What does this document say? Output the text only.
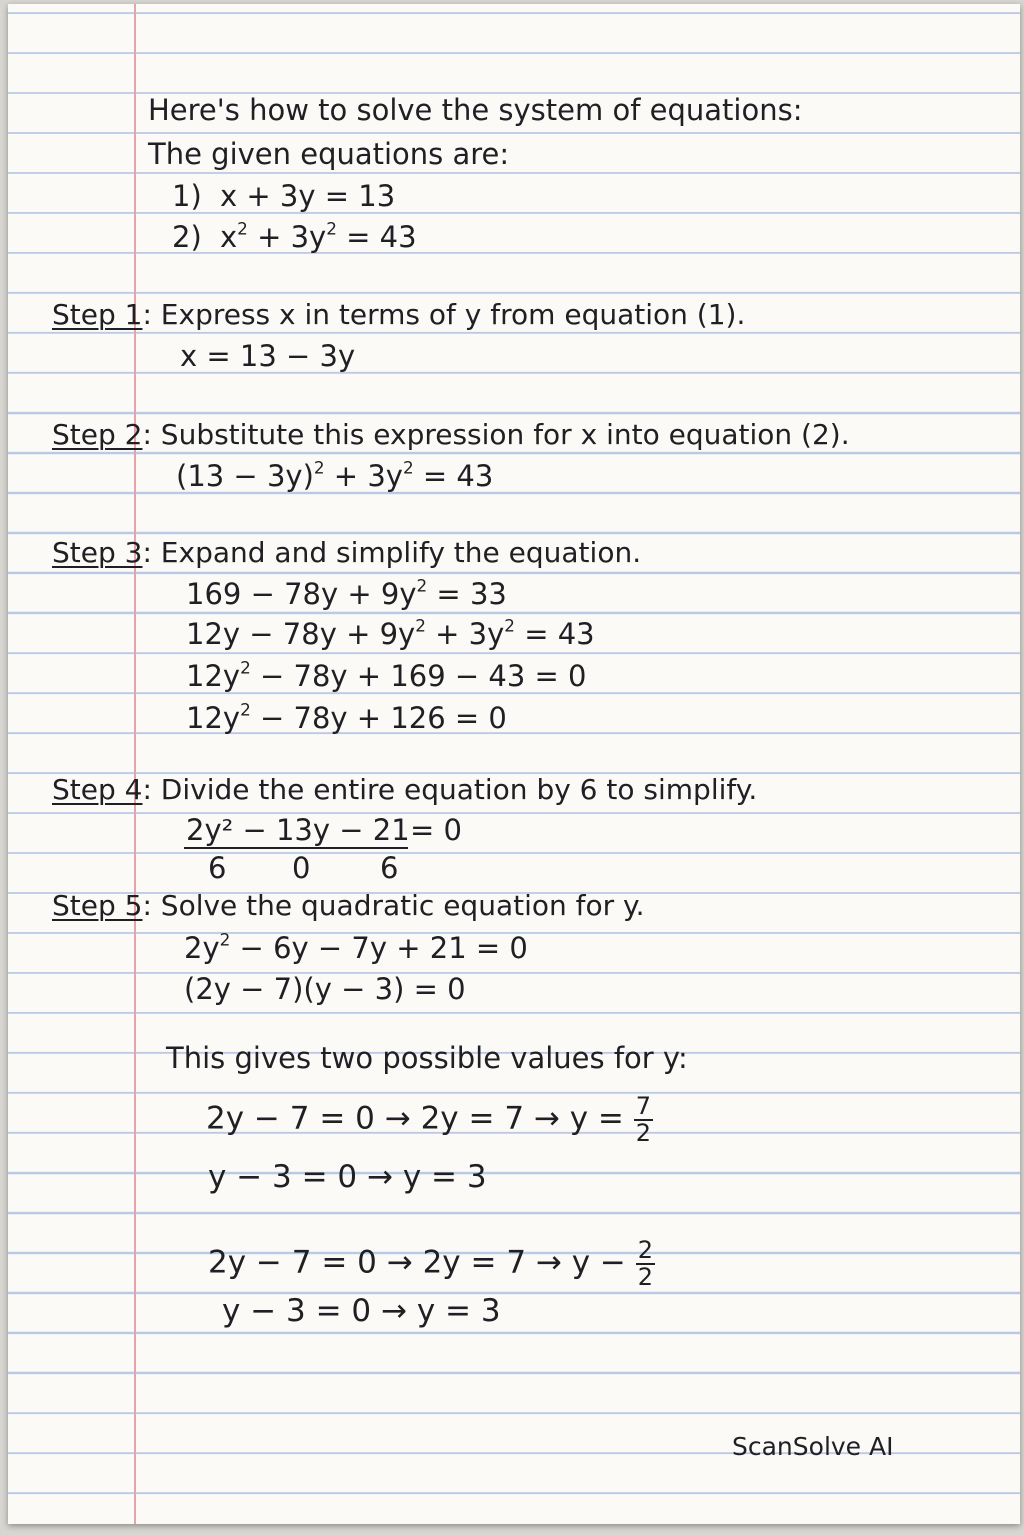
Here's how to solve the system of equations:
The given equations are:
1) x + 3y = 13
2) $x^2 + 3y^2 = 43$
Step 1: Express x in terms of y from equation (1).
x = 13 − 3y
Step 2: Substitute this expression for x into equation (2).
$(13 - 3y)^2 + 3y^2 = 43$
Step 3: Expand and simplify the equation.
$169 - 78y + 9y^2 = 33$
$12y - 78y + 9y^2 + 3y^2 = 43$
$12y^2 - 78y + 169 - 43 = 0$
$12y^2 - 78y + 126 = 0$
Step 4: Divide the entire equation by 6 to simplify.
2y² − 13y − 21 = 0
6 0 6
Step 5: Solve the quadratic equation for y.
$2y^2 - 6y - 7y + 21 = 0$
(2y − 7)(y − 3) = 0
This gives two possible values for y:
$2y - 7 = 0 \to 2y = 7 \to y = \frac{7}{2}$
y − 3 = 0 → y = 3
$2y - 7 = 0 \to 2y = 7 \to y - \frac{2}{2}$
y − 3 = 0 → y = 3
ScanSolve AI
